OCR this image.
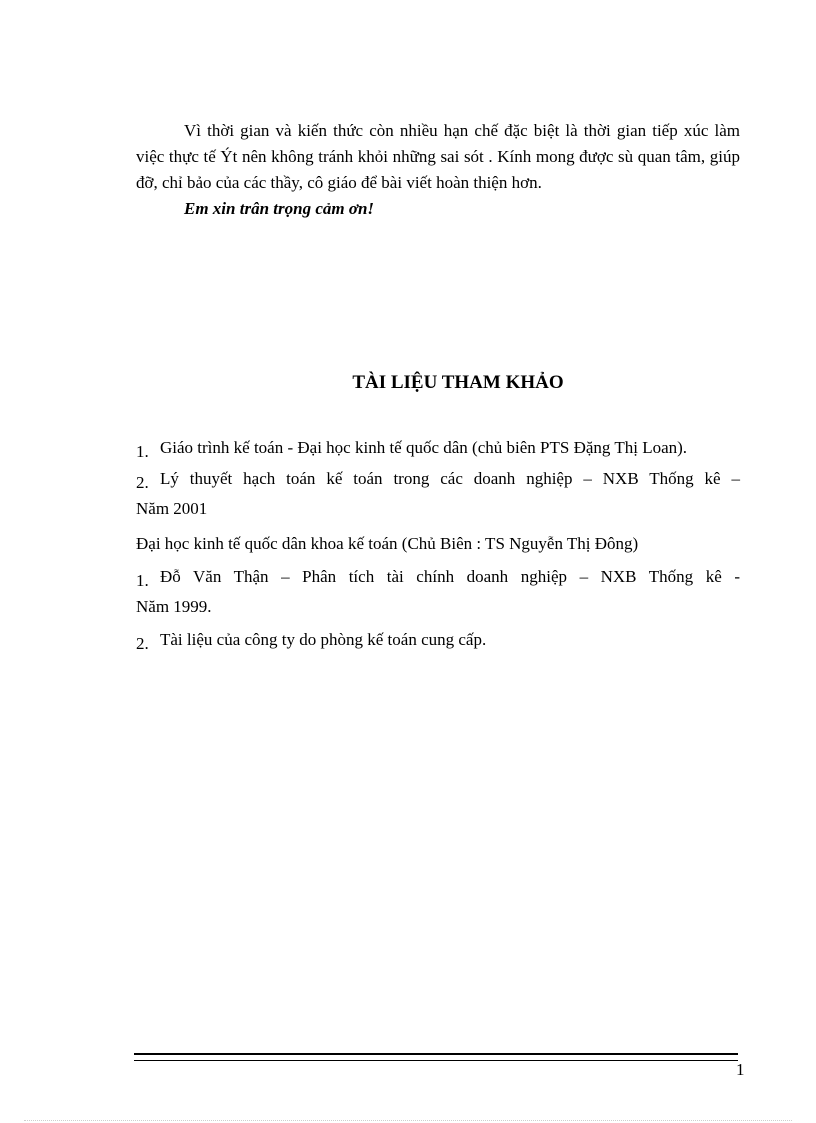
Vì thời gian và kiến thức còn nhiều hạn chế đặc biệt là thời gian tiếp xúc làm việc thực tế Ýt nên không tránh khỏi những sai sót . Kính mong được sù quan tâm, giúp đỡ, chỉ bảo của các thầy, cô giáo để bài viết hoàn thiện hơn.

Em xin trân trọng cảm ơn!
TÀI LIỆU THAM KHẢO
1. Giáo trình kế toán - Đại học kinh tế quốc dân (chủ biên PTS Đặng Thị Loan).
2. Lý thuyết hạch toán kế toán trong các doanh nghiệp – NXB Thống kê –
Năm 2001
Đại học kinh tế quốc dân khoa kế toán (Chủ Biên : TS Nguyễn Thị Đông)
1. Đỗ Văn Thận – Phân tích tài chính doanh nghiệp – NXB Thống kê -
Năm 1999.
2. Tài liệu của công ty do phòng kế toán cung cấp.
1
